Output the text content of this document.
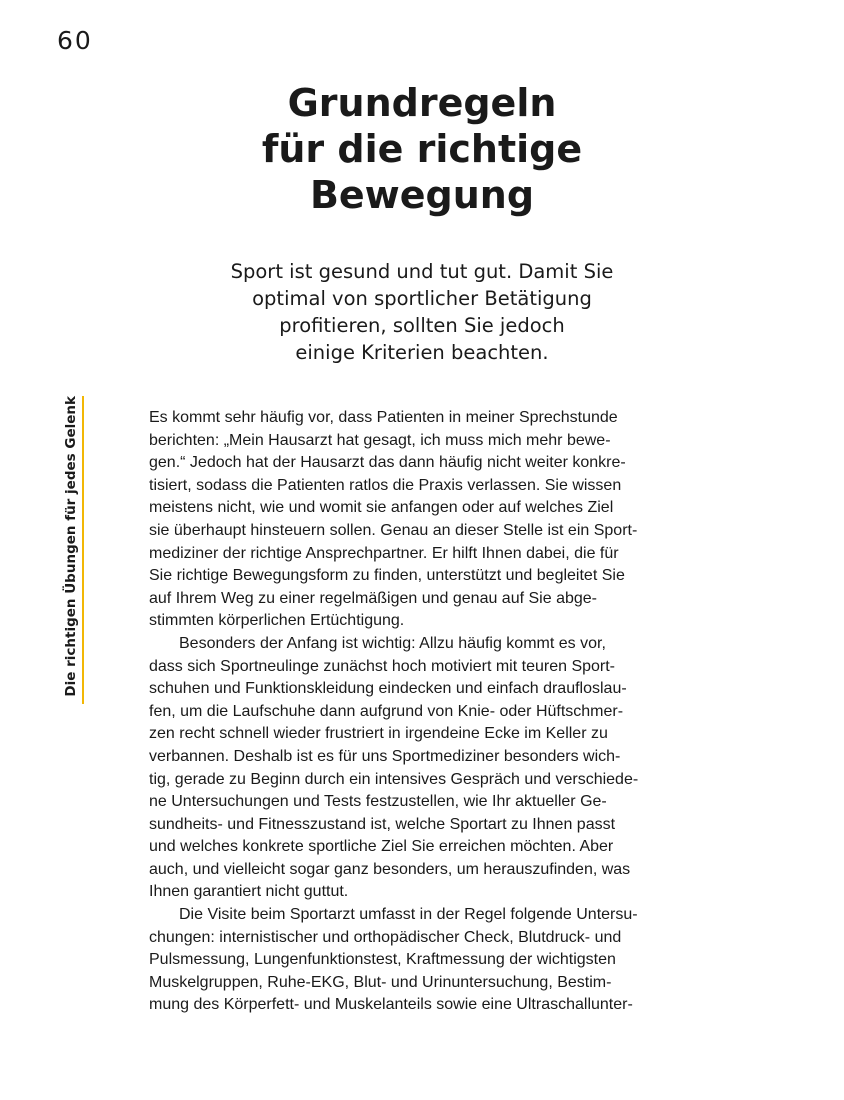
60
Grundregeln
für die richtige
Bewegung

Sport ist gesund und tut gut. Damit Sie
optimal von sportlicher Betätigung
profitieren, sollten Sie jedoch
einige Kriterien beachten.

Die richtigen Übungen für jedes Gelenk	Es kommt sehr häufig vor, dass Patienten in meiner Sprechstunde
berichten: „Mein Hausarzt hat gesagt, ich muss mich mehr bewe-
gen.“ Jedoch hat der Hausarzt das dann häufig nicht weiter konkre-
tisiert, sodass die Patienten ratlos die Praxis verlassen. Sie wissen
meistens nicht, wie und womit sie anfangen oder auf welches Ziel
sie überhaupt hinsteuern sollen. Genau an dieser Stelle ist ein Sport-
mediziner der richtige Ansprechpartner. Er hilft Ihnen dabei, die für
Sie richtige Bewegungsform zu finden, unterstützt und begleitet Sie
auf Ihrem Weg zu einer regelmäßigen und genau auf Sie abge-
stimmten körperlichen Ertüchtigung.
Besonders der Anfang ist wichtig: Allzu häufig kommt es vor,
dass sich Sportneulinge zunächst hoch motiviert mit teuren Sport-
schuhen und Funktionskleidung eindecken und einfach draufloslau-
fen, um die Laufschuhe dann aufgrund von Knie- oder Hüftschmer-
zen recht schnell wieder frustriert in irgendeine Ecke im Keller zu
verbannen. Deshalb ist es für uns Sportmediziner besonders wich-
tig, gerade zu Beginn durch ein intensives Gespräch und verschiede-
ne Untersuchungen und Tests festzustellen, wie Ihr aktueller Ge-
sundheits- und Fitnesszustand ist, welche Sportart zu Ihnen passt
und welches konkrete sportliche Ziel Sie erreichen möchten. Aber
auch, und vielleicht sogar ganz besonders, um herauszufinden, was
Ihnen garantiert nicht guttut.
Die Visite beim Sportarzt umfasst in der Regel folgende Untersu-
chungen: internistischer und orthopädischer Check, Blutdruck- und
Pulsmessung, Lungenfunktionstest, Kraftmessung der wichtigsten
Muskelgruppen, Ruhe-EKG, Blut- und Urinuntersuchung, Bestim-
mung des Körperfett- und Muskelanteils sowie eine Ultraschallunter-
